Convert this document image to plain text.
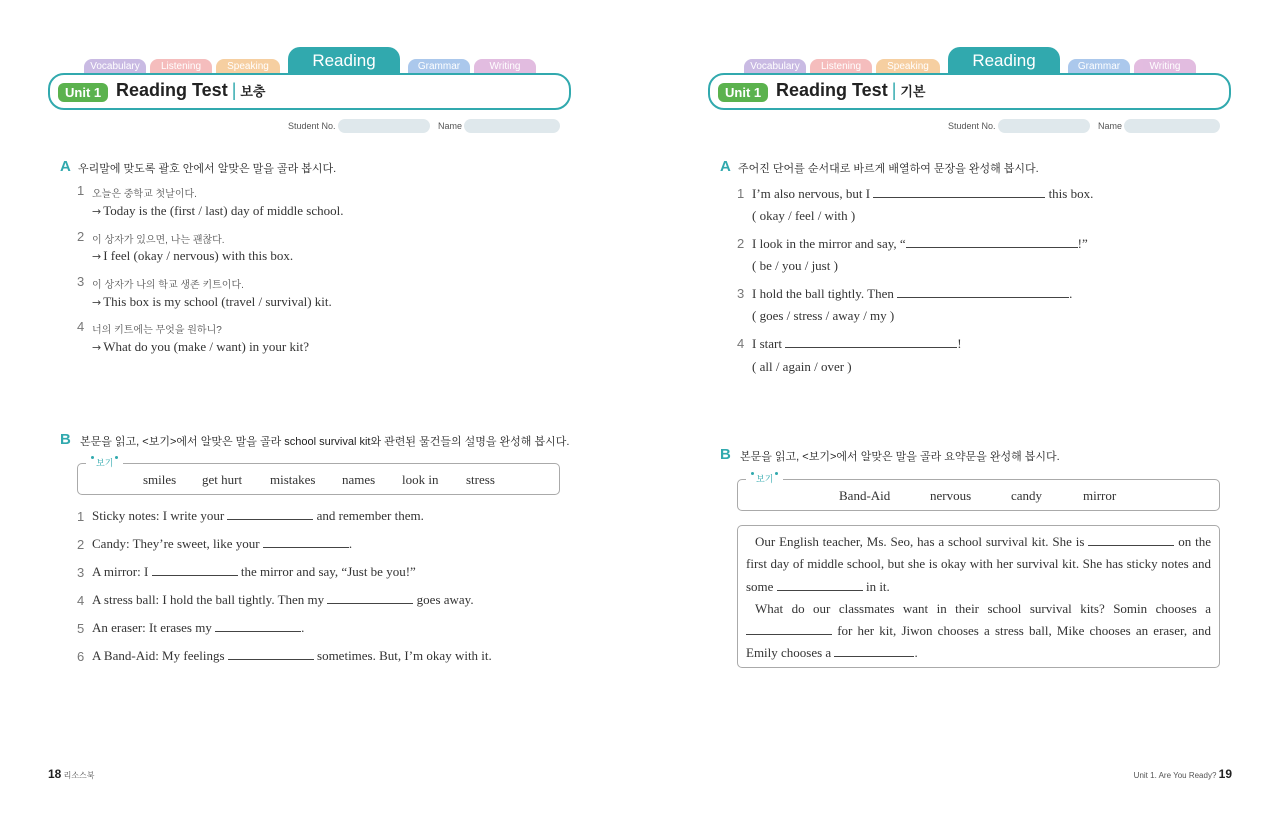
Vocabulary	Listening	Speaking	Reading	Grammar	Writing
Unit 1 Reading Test | 보충
Student No.	Name
A 우리말에 맞도록 괄호 안에서 알맞은 말을 골라 봅시다.
1 오늘은 중학교 첫날이다.
→ Today is the (first / last) day of middle school.
2 이 상자가 있으면, 나는 괜찮다.
→ I feel (okay / nervous) with this box.
3 이 상자가 나의 학교 생존 키트이다.
→ This box is my school (travel / survival) kit.
4 너의 키트에는 무엇을 원하니?
→ What do you (make / want) in your kit?
B 본문을 읽고, <보기>에서 알맞은 말을 골라 school survival kit와 관련된 물건들의 설명을 완성해 봅시다.
보기
smiles get hurt mistakes names look in stress
1 Sticky notes: I write your	and remember them.
2 Candy: They’re sweet, like your	.
3 A mirror: I	the mirror and say, “Just be you!”
4 A stress ball: I hold the ball tightly. Then my	goes away.
5 An eraser: It erases my	.
6 A Band-Aid: My feelings	sometimes. But, I’m okay with it.
18 리소스북
Vocabulary	Listening	Speaking	Reading	Grammar	Writing
Unit 1 Reading Test | 기본
Student No.	Name
A 주어진 단어를 순서대로 바르게 배열하여 문장을 완성해 봅시다.
1 I’m also nervous, but I	this box.
( okay / feel / with )
2 I look in the mirror and say, “	!”
( be / you / just )
3 I hold the ball tightly. Then	.
( goes / stress / away / my )
4 I start	!
( all / again / over )
B 본문을 읽고, <보기>에서 알맞은 말을 골라 요약문을 완성해 봅시다.
보기
Band-Aid	nervous	candy	mirror

Our English teacher, Ms. Seo, has a school survival kit. She is	on the first day of middle school, but she is okay with her survival kit. She has sticky notes and some	in it.

What do our classmates want in their school survival kits? Somin chooses a  for her kit, Jiwon chooses a stress ball, Mike chooses an eraser, and Emily chooses a	.

Unit 1. Are You Ready? 19
